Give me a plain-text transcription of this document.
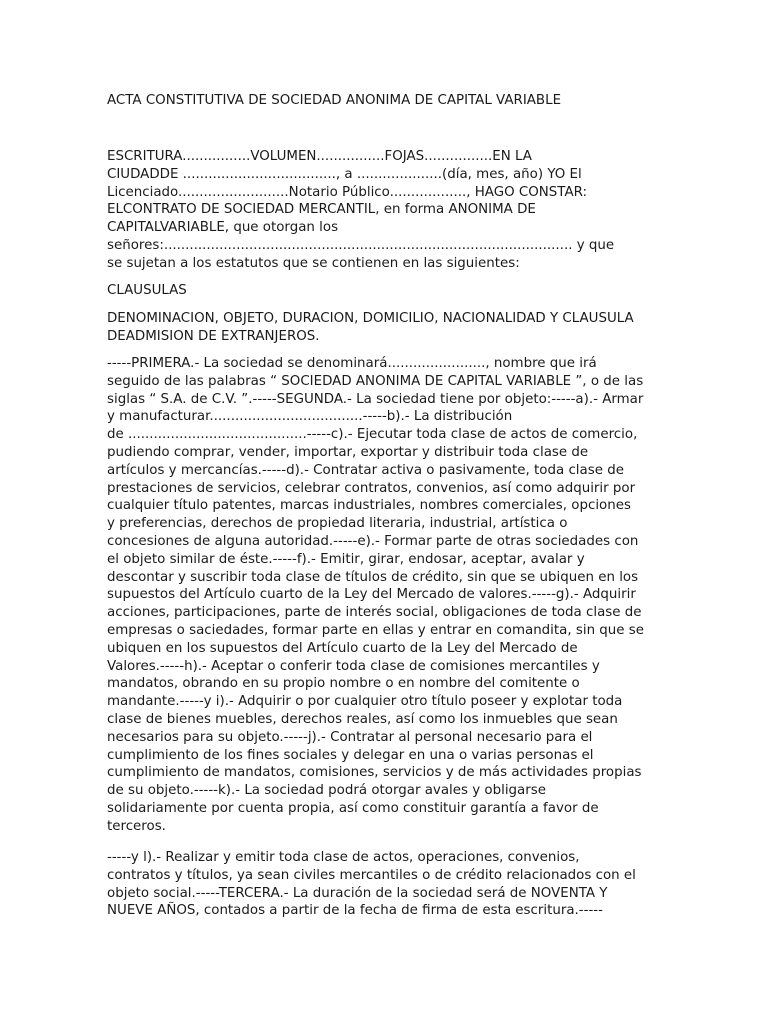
ACTA CONSTITUTIVA DE SOCIEDAD ANONIMA DE CAPITAL VARIABLE
ESCRITURA................VOLUMEN................FOJAS................EN LA
CIUDADDE ...................................., a ....................(día, mes, año) YO El
Licenciado..........................Notario Público.................., HAGO CONSTAR:
ELCONTRATO DE SOCIEDAD MERCANTIL, en forma ANONIMA DE
CAPITALVARIABLE, que otorgan los
señores:................................................................................................ y que
se sujetan a los estatutos que se contienen en las siguientes:
CLAUSULAS
DENOMINACION, OBJETO, DURACION, DOMICILIO, NACIONALIDAD Y CLAUSULA
DEADMISION DE EXTRANJEROS.
-----PRIMERA.- La sociedad se denominará......................., nombre que irá
seguido de las palabras “ SOCIEDAD ANONIMA DE CAPITAL VARIABLE ”, o de las
siglas “ S.A. de C.V. ”.-----SEGUNDA.- La sociedad tiene por objeto:-----a).- Armar
y manufacturar....................................-----b).- La distribución
de ..........................................-----c).- Ejecutar toda clase de actos de comercio,
pudiendo comprar, vender, importar, exportar y distribuir toda clase de
artículos y mercancías.-----d).- Contratar activa o pasivamente, toda clase de
prestaciones de servicios, celebrar contratos, convenios, así como adquirir por
cualquier título patentes, marcas industriales, nombres comerciales, opciones
y preferencias, derechos de propiedad literaria, industrial, artística o
concesiones de alguna autoridad.-----e).- Formar parte de otras sociedades con
el objeto similar de éste.-----f).- Emitir, girar, endosar, aceptar, avalar y
descontar y suscribir toda clase de títulos de crédito, sin que se ubiquen en los
supuestos del Artículo cuarto de la Ley del Mercado de valores.-----g).- Adquirir
acciones, participaciones, parte de interés social, obligaciones de toda clase de
empresas o saciedades, formar parte en ellas y entrar en comandita, sin que se
ubiquen en los supuestos del Artículo cuarto de la Ley del Mercado de
Valores.-----h).- Aceptar o conferir toda clase de comisiones mercantiles y
mandatos, obrando en su propio nombre o en nombre del comitente o
mandante.-----y i).- Adquirir o por cualquier otro título poseer y explotar toda
clase de bienes muebles, derechos reales, así como los inmuebles que sean
necesarios para su objeto.-----j).- Contratar al personal necesario para el
cumplimiento de los fines sociales y delegar en una o varias personas el
cumplimiento de mandatos, comisiones, servicios y de más actividades propias
de su objeto.-----k).- La sociedad podrá otorgar avales y obligarse
solidariamente por cuenta propia, así como constituir garantía a favor de
terceros.
-----y l).- Realizar y emitir toda clase de actos, operaciones, convenios,
contratos y títulos, ya sean civiles mercantiles o de crédito relacionados con el
objeto social.-----TERCERA.- La duración de la sociedad será de NOVENTA Y
NUEVE AÑOS, contados a partir de la fecha de firma de esta escritura.-----
